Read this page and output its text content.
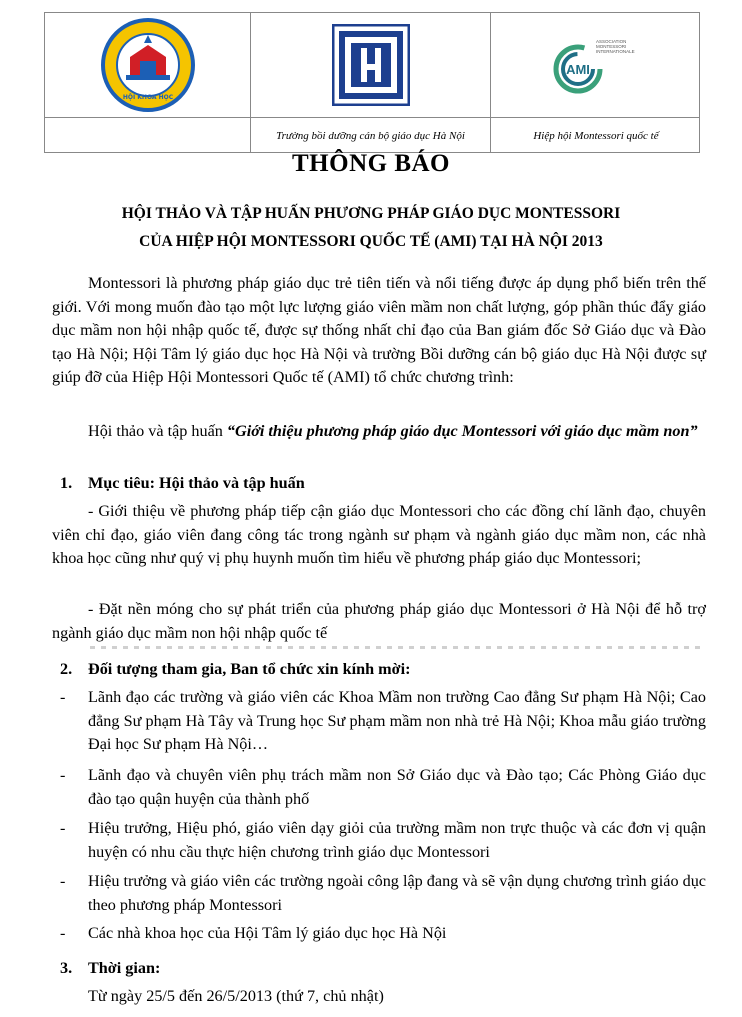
HỘI KHOA HỌC
AMI
ASSOCIATION
MONTESSORI
INTERNATIONALE
Trường bồi dưỡng cán bộ giáo dục Hà Nội	Hiệp hội Montessori quốc tế
THÔNG BÁO
HỘI THẢO VÀ TẬP HUẤN PHƯƠNG PHÁP GIÁO DỤC MONTESSORI
CỦA HIỆP HỘI MONTESSORI QUỐC TẾ (AMI) TẠI HÀ NỘI 2013
Montessori là phương pháp giáo dục trẻ tiên tiến và nổi tiếng được áp dụng phổ biến trên thế giới. Với mong muốn đào tạo một lực lượng giáo viên mầm non chất lượng, góp phần thúc đẩy giáo dục mầm non hội nhập quốc tế, được sự thống nhất chỉ đạo của Ban giám đốc Sở Giáo dục và Đào tạo Hà Nội; Hội Tâm lý giáo dục học Hà Nội và trường Bồi dưỡng cán bộ giáo dục Hà Nội được sự giúp đỡ của Hiệp Hội Montessori Quốc tế (AMI) tổ chức chương trình:
Hội thảo và tập huấn “Giới thiệu phương pháp giáo dục Montessori với giáo dục mầm non”
1. Mục tiêu: Hội thảo và tập huấn
- Giới thiệu về phương pháp tiếp cận giáo dục Montessori cho các đồng chí lãnh đạo, chuyên viên chỉ đạo, giáo viên đang công tác trong ngành sư phạm và ngành giáo dục mầm non, các nhà khoa học cũng như quý vị phụ huynh muốn tìm hiểu về phương pháp giáo dục Montessori;
- Đặt nền móng cho sự phát triển của phương pháp giáo dục Montessori ở Hà Nội để hỗ trợ ngành giáo dục mầm non hội nhập quốc tế
2. Đối tượng tham gia, Ban tổ chức xin kính mời:
- Lãnh đạo các trường và giáo viên các Khoa Mầm non trường Cao đẳng Sư phạm Hà Nội; Cao đẳng Sư phạm Hà Tây và Trung học Sư phạm mầm non nhà trẻ Hà Nội; Khoa mẫu giáo trường Đại học Sư phạm Hà Nội…
- Lãnh đạo và chuyên viên phụ trách mầm non Sở Giáo dục và Đào tạo; Các Phòng Giáo dục đào tạo quận huyện của thành phố
- Hiệu trưởng, Hiệu phó, giáo viên dạy giỏi của trường mầm non trực thuộc và các đơn vị quận huyện có nhu cầu thực hiện chương trình giáo dục Montessori
- Hiệu trưởng và giáo viên các trường ngoài công lập đang và sẽ vận dụng chương trình giáo dục theo phương pháp Montessori
- Các nhà khoa học của Hội Tâm lý giáo dục học Hà Nội
3. Thời gian:
Từ ngày 25/5 đến 26/5/2013 (thứ 7, chủ nhật)
